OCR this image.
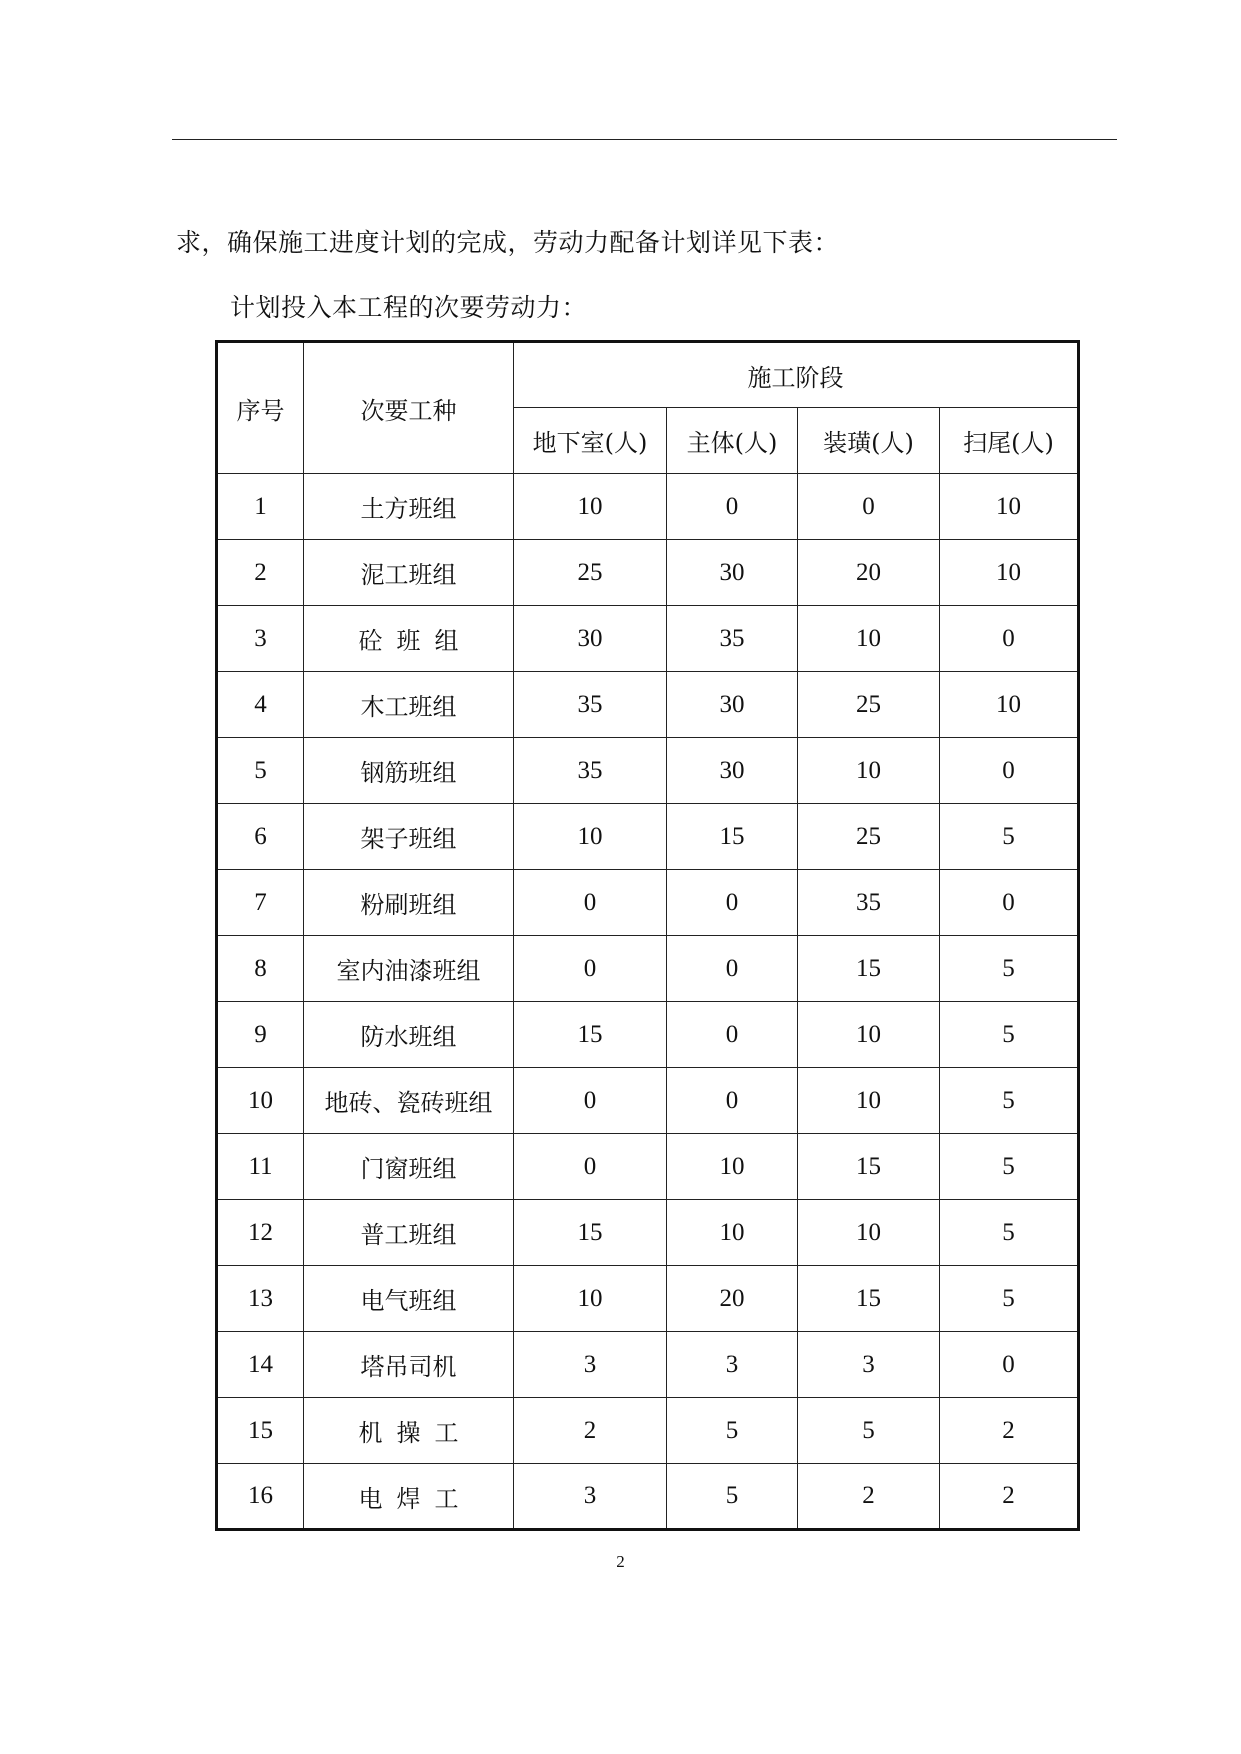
求，确保施工进度计划的完成，劳动力配备计划详见下表：
计划投入本工程的次要劳动力：
序号	次要工种	施工阶段			
		地下室(人)	主体(人)	装璜(人)	扫尾(人)
1	土方班组	10	0	0	10
2	泥工班组	25	30	20	10
3	砼班组	30	35	10	0
4	木工班组	35	30	25	10
5	钢筋班组	35	30	10	0
6	架子班组	10	15	25	5
7	粉刷班组	0	0	35	0
8	室内油漆班组	0	0	15	5
9	防水班组	15	0	10	5
10	地砖、瓷砖班组	0	0	10	5
11	门窗班组	0	10	15	5
12	普工班组	15	10	10	5
13	电气班组	10	20	15	5
14	塔吊司机	3	3	3	0
15	机操工	2	5	5	2
16	电焊工	3	5	2	2
2
